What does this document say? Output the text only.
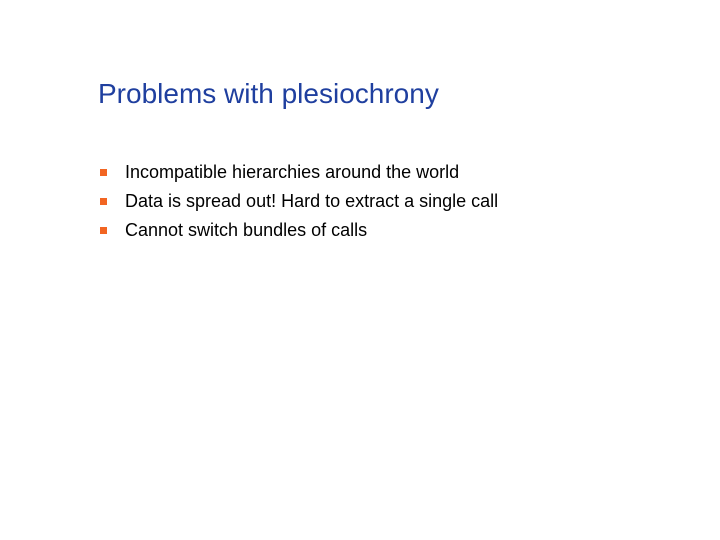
Problems with plesiochrony
Incompatible hierarchies around the world
Data is spread out! Hard to extract a single call
Cannot switch bundles of calls
